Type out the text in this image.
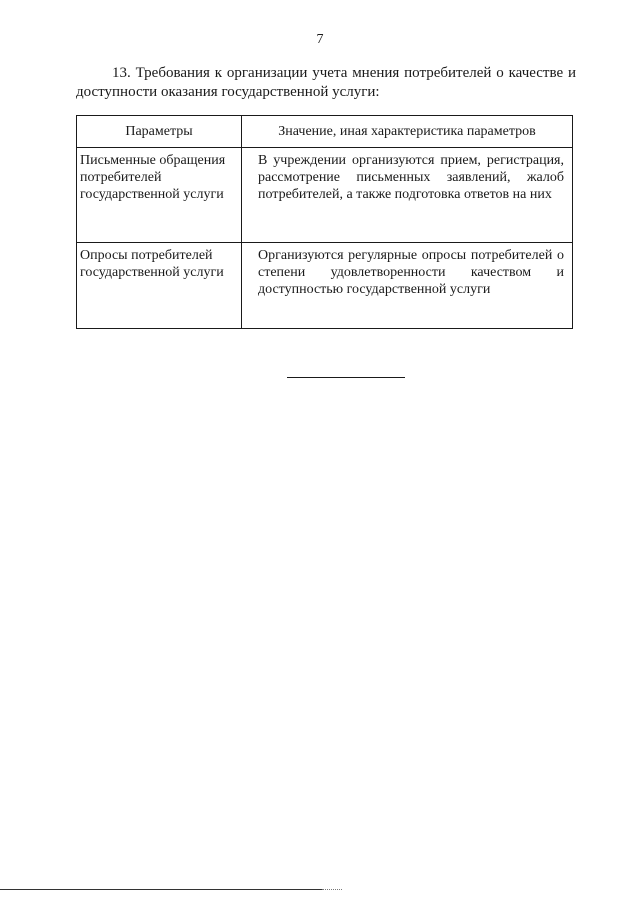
7
13. Требования к организации учета мнения потребителей о качестве и доступности оказания государственной услуги:
Параметры	Значение, иная характеристика параметров
Письменные обращения потребителей государственной услуги	В учреждении организуются прием, регистрация, рассмотрение письменных заявлений, жалоб потребителей, а также подготовка ответов на них
Опросы потребителей государственной услуги	Организуются регулярные опросы потребителей о степени удовлетворенности качеством и доступностью государственной услуги
